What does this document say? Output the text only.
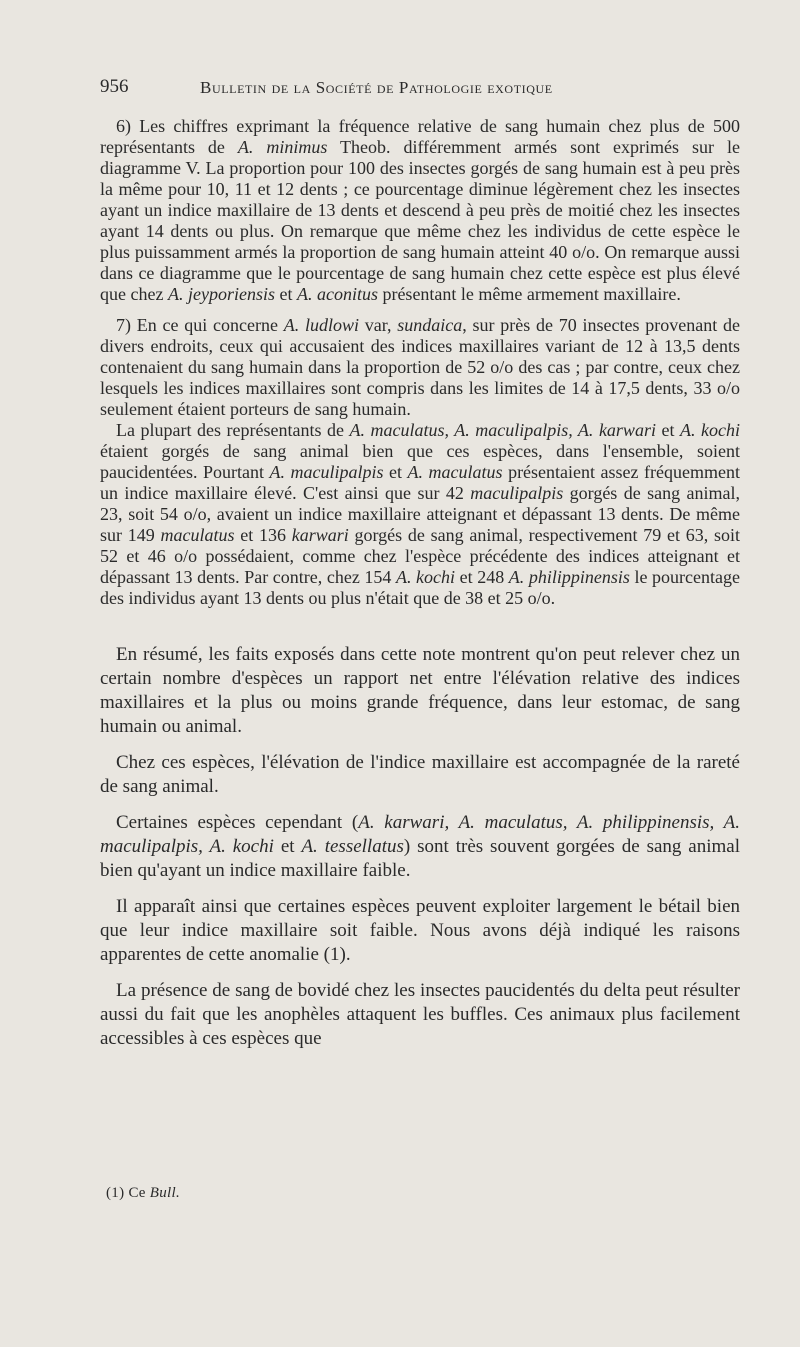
956	Bulletin de la Société de Pathologie exotique

6) Les chiffres exprimant la fréquence relative de sang humain chez plus de 500 représentants de A. minimus Theob. différemment armés sont exprimés sur le diagramme V. La proportion pour 100 des insectes gorgés de sang humain est à peu près la même pour 10, 11 et 12 dents ; ce pourcentage diminue légèrement chez les insectes ayant un indice maxillaire de 13 dents et descend à peu près de moitié chez les insectes ayant 14 dents ou plus. On remarque que même chez les individus de cette espèce le plus puissamment armés la proportion de sang humain atteint 40 o/o. On remarque aussi dans ce diagramme que le pourcentage de sang humain chez cette espèce est plus élevé que chez A. jeyporiensis et A. aconitus présentant le même armement maxillaire.

7) En ce qui concerne A. ludlowi var, sundaica, sur près de 70 insectes provenant de divers endroits, ceux qui accusaient des indices maxillaires variant de 12 à 13,5 dents contenaient du sang humain dans la proportion de 52 o/o des cas ; par contre, ceux chez lesquels les indices maxillaires sont compris dans les limites de 14 à 17,5 dents, 33 o/o seulement étaient porteurs de sang humain.

La plupart des représentants de A. maculatus, A. maculipalpis, A. karwari et A. kochi étaient gorgés de sang animal bien que ces espèces, dans l'ensemble, soient paucidentées. Pourtant A. maculipalpis et A. maculatus présentaient assez fréquemment un indice maxillaire élevé. C'est ainsi que sur 42 maculipalpis gorgés de sang animal, 23, soit 54 o/o, avaient un indice maxillaire atteignant et dépassant 13 dents. De même sur 149 maculatus et 136 karwari gorgés de sang animal, respectivement 79 et 63, soit 52 et 46 o/o possédaient, comme chez l'espèce précédente des indices atteignant et dépassant 13 dents. Par contre, chez 154 A. kochi et 248 A. philippinensis le pourcentage des individus ayant 13 dents ou plus n'était que de 38 et 25 o/o.

En résumé, les faits exposés dans cette note montrent qu'on peut relever chez un certain nombre d'espèces un rapport net entre l'élévation relative des indices maxillaires et la plus ou moins grande fréquence, dans leur estomac, de sang humain ou animal.

Chez ces espèces, l'élévation de l'indice maxillaire est accompagnée de la rareté de sang animal.

Certaines espèces cependant (A. karwari, A. maculatus, A. philippinensis, A. maculipalpis, A. kochi et A. tessellatus) sont très souvent gorgées de sang animal bien qu'ayant un indice maxillaire faible.

Il apparaît ainsi que certaines espèces peuvent exploiter largement le bétail bien que leur indice maxillaire soit faible. Nous avons déjà indiqué les raisons apparentes de cette anomalie (1).

La présence de sang de bovidé chez les insectes paucidentés du delta peut résulter aussi du fait que les anophèles attaquent les buffles. Ces animaux plus facilement accessibles à ces espèces que

(1) Ce Bull.
